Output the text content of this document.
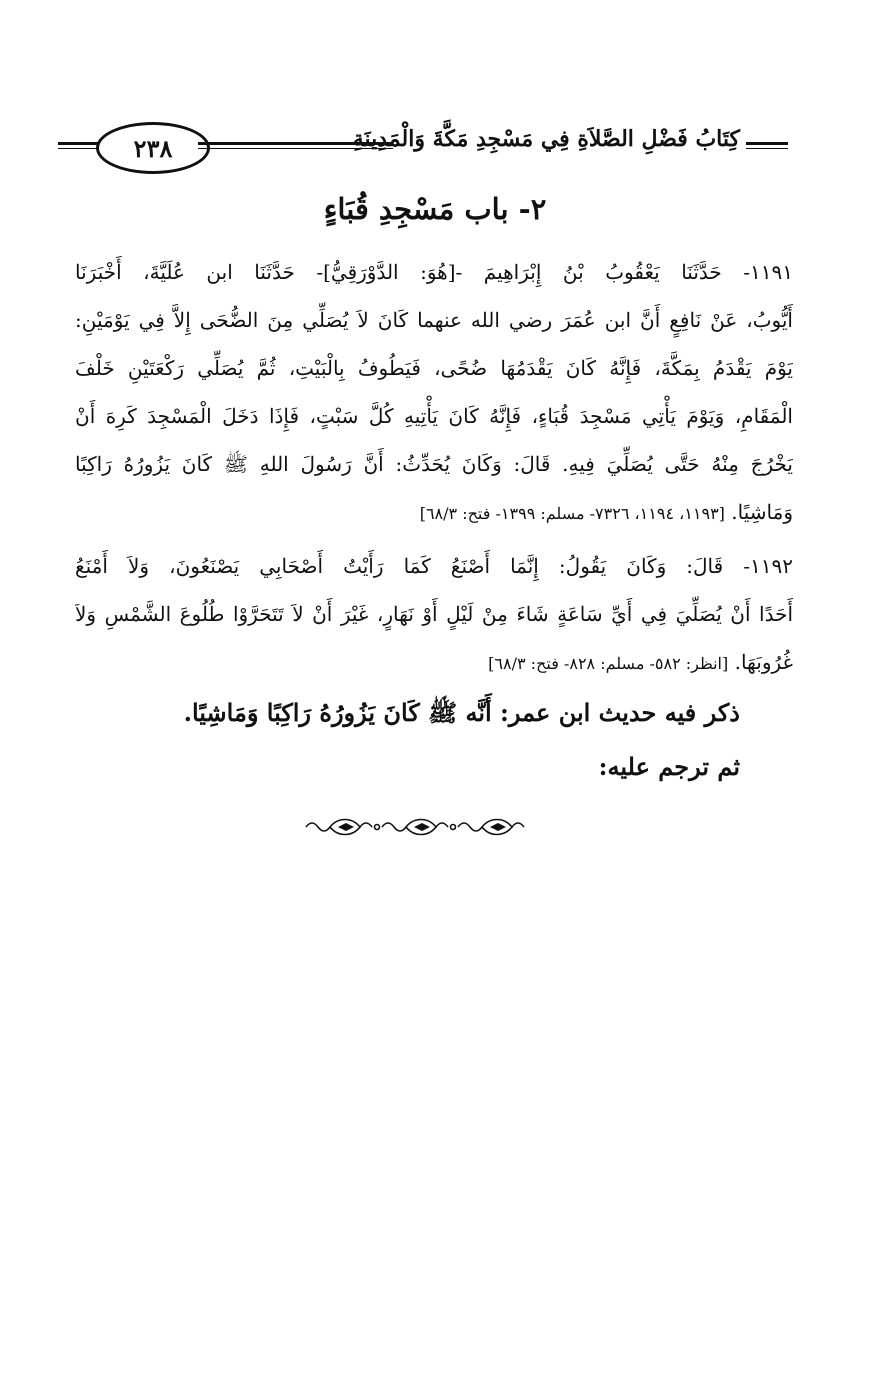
٢٣٨	كِتَابُ فَضْلِ الصَّلاَةِ فِي مَسْجِدِ مَكَّةَ وَالْمَدِينَةِ
٢- باب مَسْجِدِ قُبَاءٍ
١١٩١- حَدَّثَنَا يَعْقُوبُ بْنُ إِبْرَاهِيمَ -[هُوَ: الدَّوْرَقِيُّ]- حَدَّثَنَا ابن عُلَيَّةَ، أَخْبَرَنَا
أَيُّوبُ، عَنْ نَافِعٍ أَنَّ ابن عُمَرَ رضي الله عنهما كَانَ لاَ يُصَلِّي مِنَ الضُّحَى إِلاَّ فِي يَوْمَيْنِ:
يَوْمَ يَقْدَمُ بِمَكَّةَ، فَإِنَّهُ كَانَ يَقْدَمُهَا ضُحًى، فَيَطُوفُ بِالْبَيْتِ، ثُمَّ يُصَلِّي رَكْعَتَيْنِ خَلْفَ
الْمَقَامِ، وَيَوْمَ يَأْتِي مَسْجِدَ قُبَاءٍ، فَإِنَّهُ كَانَ يَأْتِيهِ كُلَّ سَبْتٍ، فَإِذَا دَخَلَ الْمَسْجِدَ كَرِهَ أَنْ
يَخْرُجَ مِنْهُ حَتَّى يُصَلِّيَ فِيهِ. قَالَ: وَكَانَ يُحَدِّثُ: أَنَّ رَسُولَ اللهِ ﷺ كَانَ يَزُورُهُ رَاكِبًا
وَمَاشِيًا. [١١٩٣، ١١٩٤، ٧٣٢٦- مسلم: ١٣٩٩- فتح: ٦٨/٣]
١١٩٢- قَالَ: وَكَانَ يَقُولُ: إِنَّمَا أَصْنَعُ كَمَا رَأَيْتُ أَصْحَابِي يَصْنَعُونَ، وَلاَ أَمْنَعُ
أَحَدًا أَنْ يُصَلِّيَ فِي أَيِّ سَاعَةٍ شَاءَ مِنْ لَيْلٍ أَوْ نَهَارٍ، غَيْرَ أَنْ لاَ تَتَحَرَّوْا طُلُوعَ الشَّمْسِ وَلاَ
غُرُوبَهَا. [انظر: ٥٨٢- مسلم: ٨٢٨- فتح: ٦٨/٣]
ذكر فيه حديث ابن عمر: أَنَّه ﷺ كَانَ يَزُورُهُ رَاكِبًا وَمَاشِيًا.
ثم ترجم عليه:
